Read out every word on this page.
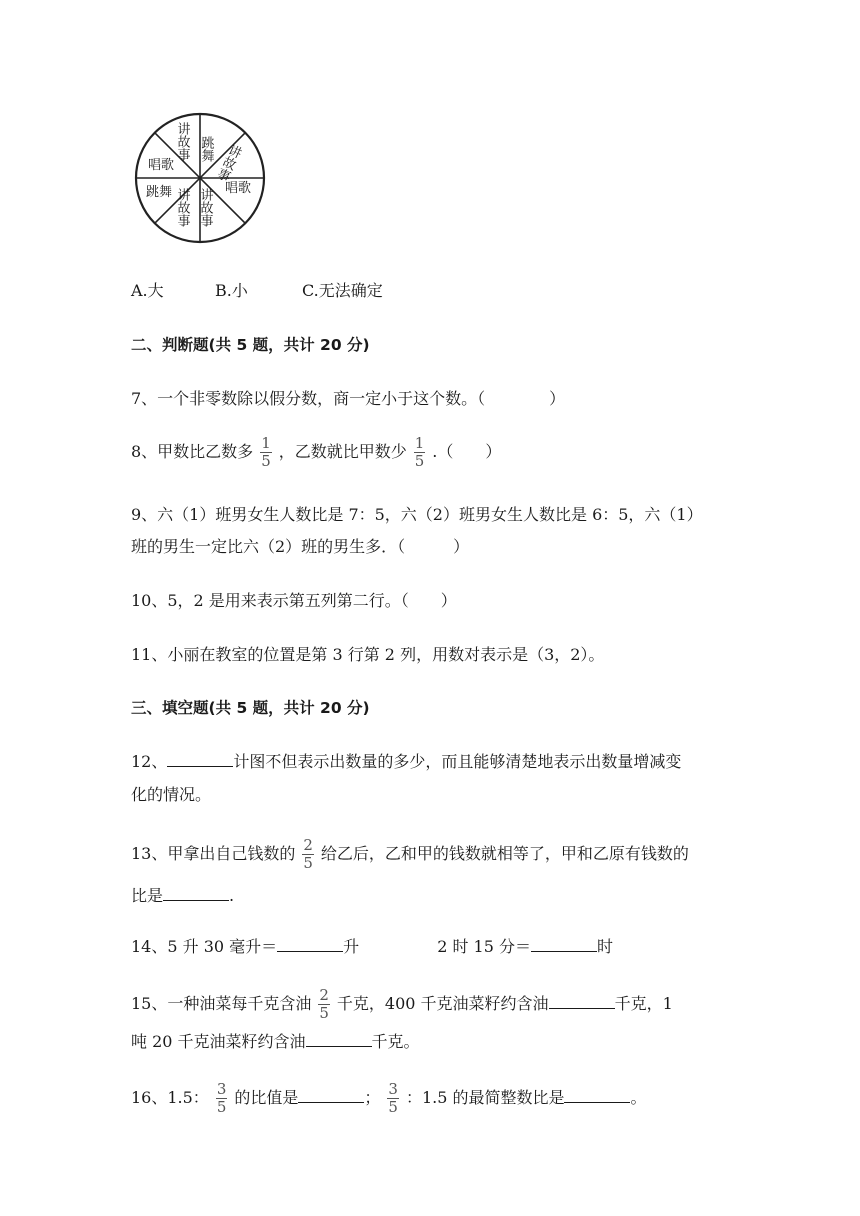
跳舞 讲故事
唱歌
讲故事
讲故事
跳舞
唱歌
讲故事
A.大	B.小	C.无法确定
二、判断题(共 5 题，共计 20 分)
7、一个非零数除以假分数，商一定小于这个数。（　　　　）
8、甲数比乙数多 $\frac{1}{5}$ ，乙数就比甲数少 $\frac{1}{5}$ .（　　）
9、六（1）班男女生人数比是 7：5，六（2）班男女生人数比是 6：5，六（1）
班的男生一定比六（2）班的男生多．（　　　）
10、5，2 是用来表示第五列第二行。（　　）
11、小丽在教室的位置是第 3 行第 2 列，用数对表示是（3，2）。
三、填空题(共 5 题，共计 20 分)
12、	计图不但表示出数量的多少，而且能够清楚地表示出数量增减变
化的情况。
13、甲拿出自己钱数的 $\frac{2}{5}$ 给乙后，乙和甲的钱数就相等了，甲和乙原有钱数的
比是	.
14、5 升 30 毫升＝	升	2 时 15 分＝	时
15、一种油菜每千克含油 $\frac{2}{5}$ 千克，400 千克油菜籽约含油	千克，1
吨 20 千克油菜籽约含油	千克。
16、1.5： $\frac{3}{5}$ 的比值是	； $\frac{3}{5}$ ：1.5 的最简整数比是	。
